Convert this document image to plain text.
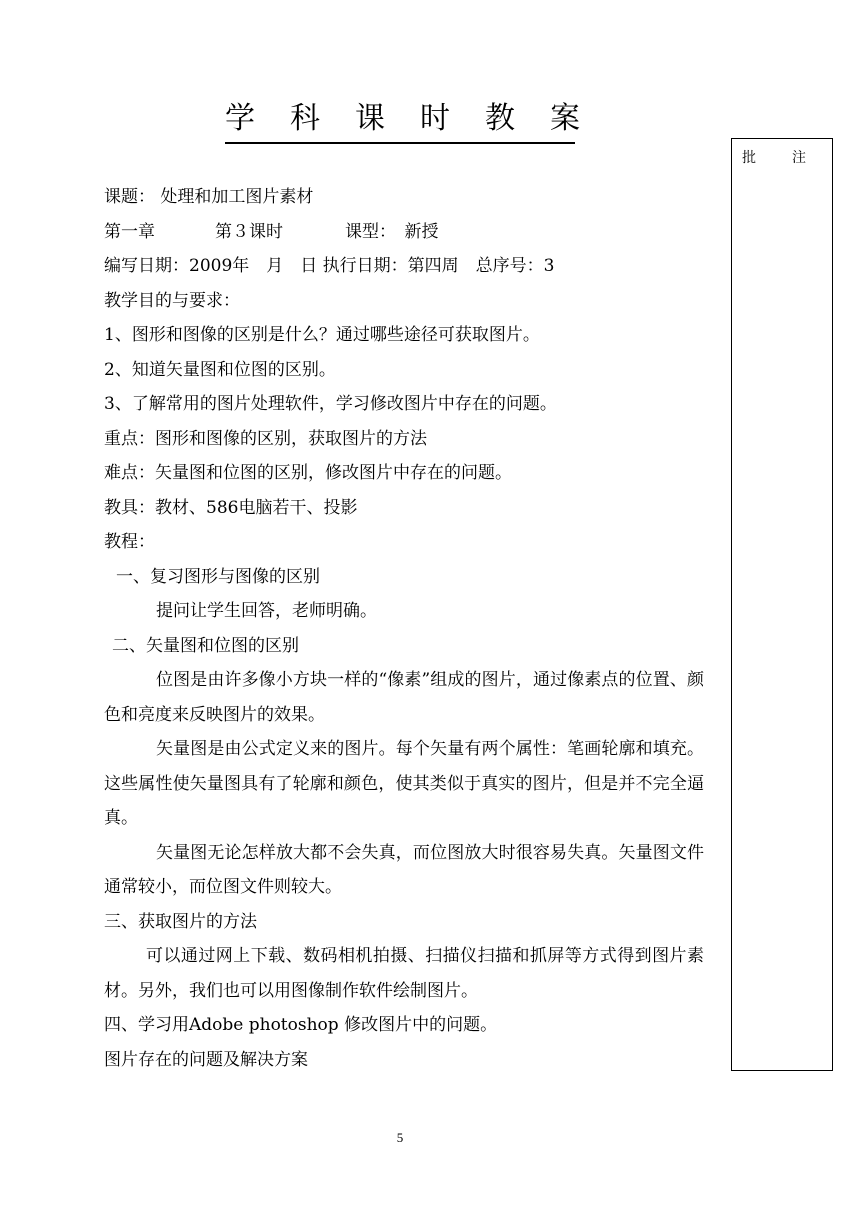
学科课时教案
批注
课题： 处理和加工图片素材
第一章	第３课时	课型：　新授
编写日期：2009年　月　日 执行日期：第四周　总序号：3
教学目的与要求：
1、图形和图像的区别是什么？通过哪些途径可获取图片。
2、知道矢量图和位图的区别。
3、了解常用的图片处理软件，学习修改图片中存在的问题。
重点：图形和图像的区别，获取图片的方法
难点：矢量图和位图的区别，修改图片中存在的问题。
教具：教材、586电脑若干、投影
教程：
一、复习图形与图像的区别
提问让学生回答，老师明确。
二、矢量图和位图的区别
位图是由许多像小方块一样的“像素”组成的图片，通过像素点的位置、颜色和亮度来反映图片的效果。
矢量图是由公式定义来的图片。每个矢量有两个属性：笔画轮廓和填充。这些属性使矢量图具有了轮廓和颜色，使其类似于真实的图片，但是并不完全逼真。
矢量图无论怎样放大都不会失真，而位图放大时很容易失真。矢量图文件通常较小，而位图文件则较大。
三、获取图片的方法
可以通过网上下载、数码相机拍摄、扫描仪扫描和抓屏等方式得到图片素材。另外，我们也可以用图像制作软件绘制图片。
四、学习用Adobe photoshop 修改图片中的问题。
图片存在的问题及解决方案
5
